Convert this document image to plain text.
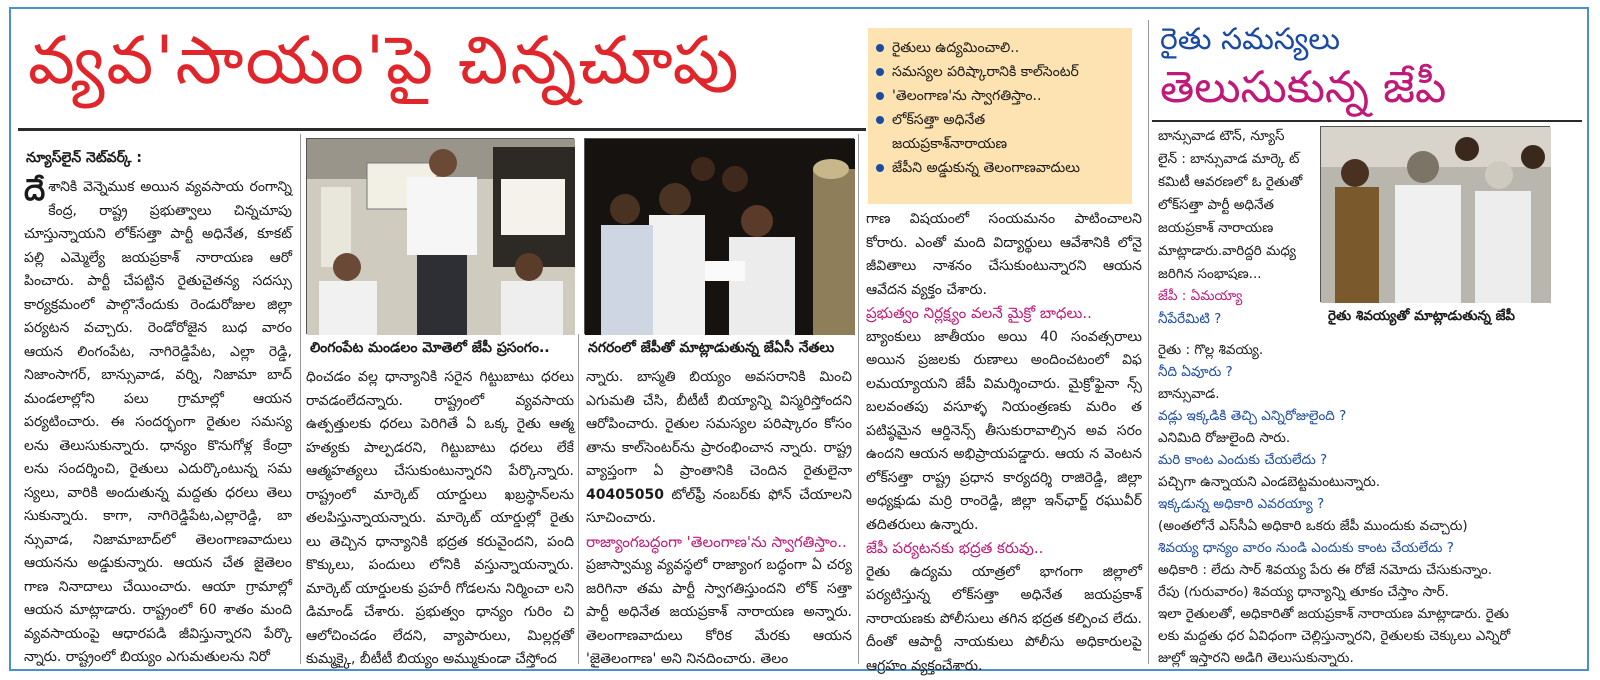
వ్యవ'సాయం'పై చిన్నచూపు
న్యూస్‌లైన్ నెట్‌వర్క్ :

దేశానికి వెన్నెముక అయిన వ్యవసాయ రంగాన్ని కేంద్ర, రాష్ట్ర ప్రభుత్వాలు చిన్నచూపు చూస్తున్నాయని లోక్‌సత్తా పార్టీ అధినేత, కూకట్ పల్లి ఎమ్మెల్యే జయప్రకాశ్ నారాయణ ఆరో పించారు. పార్టీ చేపట్టిన రైతుచైతన్య సదస్సు కార్యక్రమంలో పాల్గొనేందుకు రెండురోజుల జిల్లా పర్యటన వచ్చారు. రెండోరోజైన బుధ వారం ఆయన లింగంపేట, నాగిరెడ్డిపేట, ఎల్లా రెడ్డి, నిజాంసాగర్, బాన్సువాడ, వర్ని, నిజామా బాద్ మండలాల్లోని పలు గ్రామాల్లో ఆయన పర్యటించారు. ఈ సందర్భంగా రైతుల సమస్య లను తెలుసుకున్నారు. ధాన్యం కొనుగోళ్ల కేంద్రా లను సందర్శించి, రైతులు ఎదుర్కొంటున్న సమ స్యలు, వారికి అందుతున్న మద్దతు ధరలు తెలు సుకున్నారు. కాగా, నాగిరెడ్డిపేట,ఎల్లారెడ్డి, బా న్సువాడ, నిజామాబాద్‌లో తెలంగాణవాదులు ఆయనను అడ్డుకున్నారు. ఆయన చేత జైతెలం గాణ నినాదాలు చేయించారు. ఆయా గ్రామాల్లో ఆయన మాట్లాడారు. రాష్ట్రంలో 60 శాతం మంది వ్యవసాయంపై ఆధారపడి జీవిస్తున్నారని పేర్కొ న్నారు. రాష్ట్రంలో బియ్యం ఎగుమతులను నిరో

లింగంపేట మండలం మోతెలో జేపీ ప్రసంగం..	నగరంలో జేపీతో మాట్లాడుతున్న జేఏసీ నేతలు

ధించడం వల్ల ధాన్యానికి సరైన గిట్టుబాటు ధరలు రావడంలేదన్నారు. రాష్ట్రంలో వ్యవసాయ ఉత్పత్తులకు ధరలు పెరిగితే ఏ ఒక్క రైతు ఆత్మ హత్యకు పాల్పడరని, గిట్టుబాటు ధరలు లేకే ఆత్మహత్యలు చేసుకుంటున్నారని పేర్కొన్నారు. రాష్ట్రంలో మార్కెట్ యార్డులు ఖబ్రస్థాన్‌లను తలపిస్తున్నాయన్నారు. మార్కెట్ యార్డుల్లో రైతు లు తెచ్చిన ధాన్యానికి భద్రత కరువైందని, పంది కొక్కులు, పందులు లోనికి వస్తున్నాయన్నారు. మార్కెట్ యార్డులకు ప్రహరీ గోడలను నిర్మించా లని డిమాండ్ చేశారు. ప్రభుత్వం ధాన్యం గురిం చి ఆలోచించడం లేదని, వ్యాపారులు, మిల్లర్లతో కుమ్మక్కై, బీటీటీ బియ్యం అమ్ముకుండా చేస్తోంద

న్నారు. బాస్మతి బియ్యం అవసరానికి మించి ఎగుమతి చేసి, బీటీటీ బియ్యాన్ని విస్మరిస్తోందని ఆరోపించారు. రైతుల సమస్యల పరిష్కారం కోసం తాను కాల్‌సెంటర్‌ను ప్రారంభించాన న్నారు. రాష్ట్ర వ్యాప్తంగా ఏ ప్రాంతానికి చెందిన రైతులైనా 40405050 టోల్‌ఫ్రీ నంబర్‌కు ఫోన్ చేయాలని సూచించారు.

రాజ్యాంగబద్ధంగా 'తెలంగాణ'ను స్వాగతిస్తాం..

ప్రజాస్వామ్య వ్యవస్థలో రాజ్యాంగ బద్ధంగా ఏ చర్య జరిగినా తమ పార్టీ స్వాగతిస్తుందని లోక్ సత్తా పార్టీ అధినేత జయప్రకాశ్ నారాయణ అన్నారు. తెలంగాణవాదులు కోరిక మేరకు ఆయన 'జైతెలంగాణ' అని నినదించారు. తెలం

రైతులు ఉద్యమించాలి..
సమస్యల పరిష్కారానికి కాల్‌సెంటర్
'తెలంగాణ'ను స్వాగతిస్తాం..
లోక్‌సత్తా అధినేత
జయప్రకాశ్‌నారాయణ
జేపీని అడ్డుకున్న తెలంగాణవాదులు

గాణ విషయంలో సంయమనం పాటించాలని కోరారు. ఎంతో మంది విద్యార్థులు ఆవేశానికి లోనై జీవితాలు నాశనం చేసుకుంటున్నారని ఆయన ఆవేదన వ్యక్తం చేశారు.

ప్రభుత్వం నిర్లక్ష్యం వలనే మైక్రో బాధలు..

బ్యాంకులు జాతీయం అయి 40 సంవత్సరాలు అయిన ప్రజలకు రుణాలు అందించటంలో విఫ లమయ్యాయని జేపీ విమర్శించారు. మైక్రోఫైనా న్స్ బలవంతపు వసూళ్ళ నియంత్రణకు మరిం త పటిష్ఠమైన ఆర్డినెన్స్ తీసుకురావాల్సిన అవ సరం ఉందని ఆయన అభిప్రాయపడ్డారు. ఆయ న వెంటన లోక్‌సత్తా రాష్ట్ర ప్రధాన కార్యదర్శి రాజిరెడ్డి, జిల్లా అధ్యక్షుడు మర్రి రాంరెడ్డి, జిల్లా ఇన్‌ఛార్జ్ రఘువీర్ తదితరులు ఉన్నారు.

జేపీ పర్యటనకు భద్రత కరువు..

రైతు ఉద్యమ యాత్రలో భాగంగా జిల్లాలో పర్యటిస్తున్న లోక్‌సత్తా అధినేత జయప్రకాశ్ నారాయణకు పోలీసులు తగిన భద్రత కల్పించ లేదు. దీంతో ఆపార్టీ నాయకులు పోలీసు అధికారులపై ఆగ్రహం వ్యక్తంచేశారు.

రైతు సమస్యలు
తెలుసుకున్న జేపీ
బాన్సువాడ టౌన్, న్యూస్
లైన్ : బాన్సువాడ మార్కె ట్
కమిటీ ఆవరణలో ఓ రైతుతో
లోక్‌సత్తా పార్టీ అధినేత
జయప్రకాశ్ నారాయణ
మాట్లాడారు.వారిద్దరి మధ్య
జరిగిన సంభాషణ...
రైతు శివయ్యతో మాట్లాడుతున్న జేపీ
జేపీ : ఏమయ్యా
నీపేరేమిటి ?
రైతు : గొల్ల శివయ్య.
నీది ఏవూరు ?
బాన్సువాడ.
వడ్లు ఇక్కడికి తెచ్చి ఎన్నిరోజులైంది ?
ఎనిమిది రోజులైంది సారు.
మరి కాంట ఎందుకు చేయలేదు ?
పచ్చిగా ఉన్నాయని ఎండబెట్టమంటున్నారు.
ఇక్కడున్న అధికారి ఎవరయ్యా ?
(అంతలోనే ఎస్‌సీఏ అధికారి ఒకరు జేపీ ముందుకు వచ్చారు)
శివయ్య ధాన్యం వారం నుండి ఎందుకు కాంట చేయలేదు ?
అధికారి : లేదు సార్ శివయ్య పేరు ఈ రోజే నమోదు చేసుకున్నాం.
రేపు (గురువారం) శివయ్య ధాన్యాన్ని తూకం చేస్తాం సార్.
ఇలా రైతులతో, అధికారితో జయప్రకాశ్ నారాయణ మాట్లాడారు. రైతు
లకు మద్దతు ధర ఏవిధంగా చెల్లిస్తున్నారని, రైతులకు చెక్కులు ఎన్నిరో
జుల్లో ఇస్తారని అడిగి తెలుసుకున్నారు.
